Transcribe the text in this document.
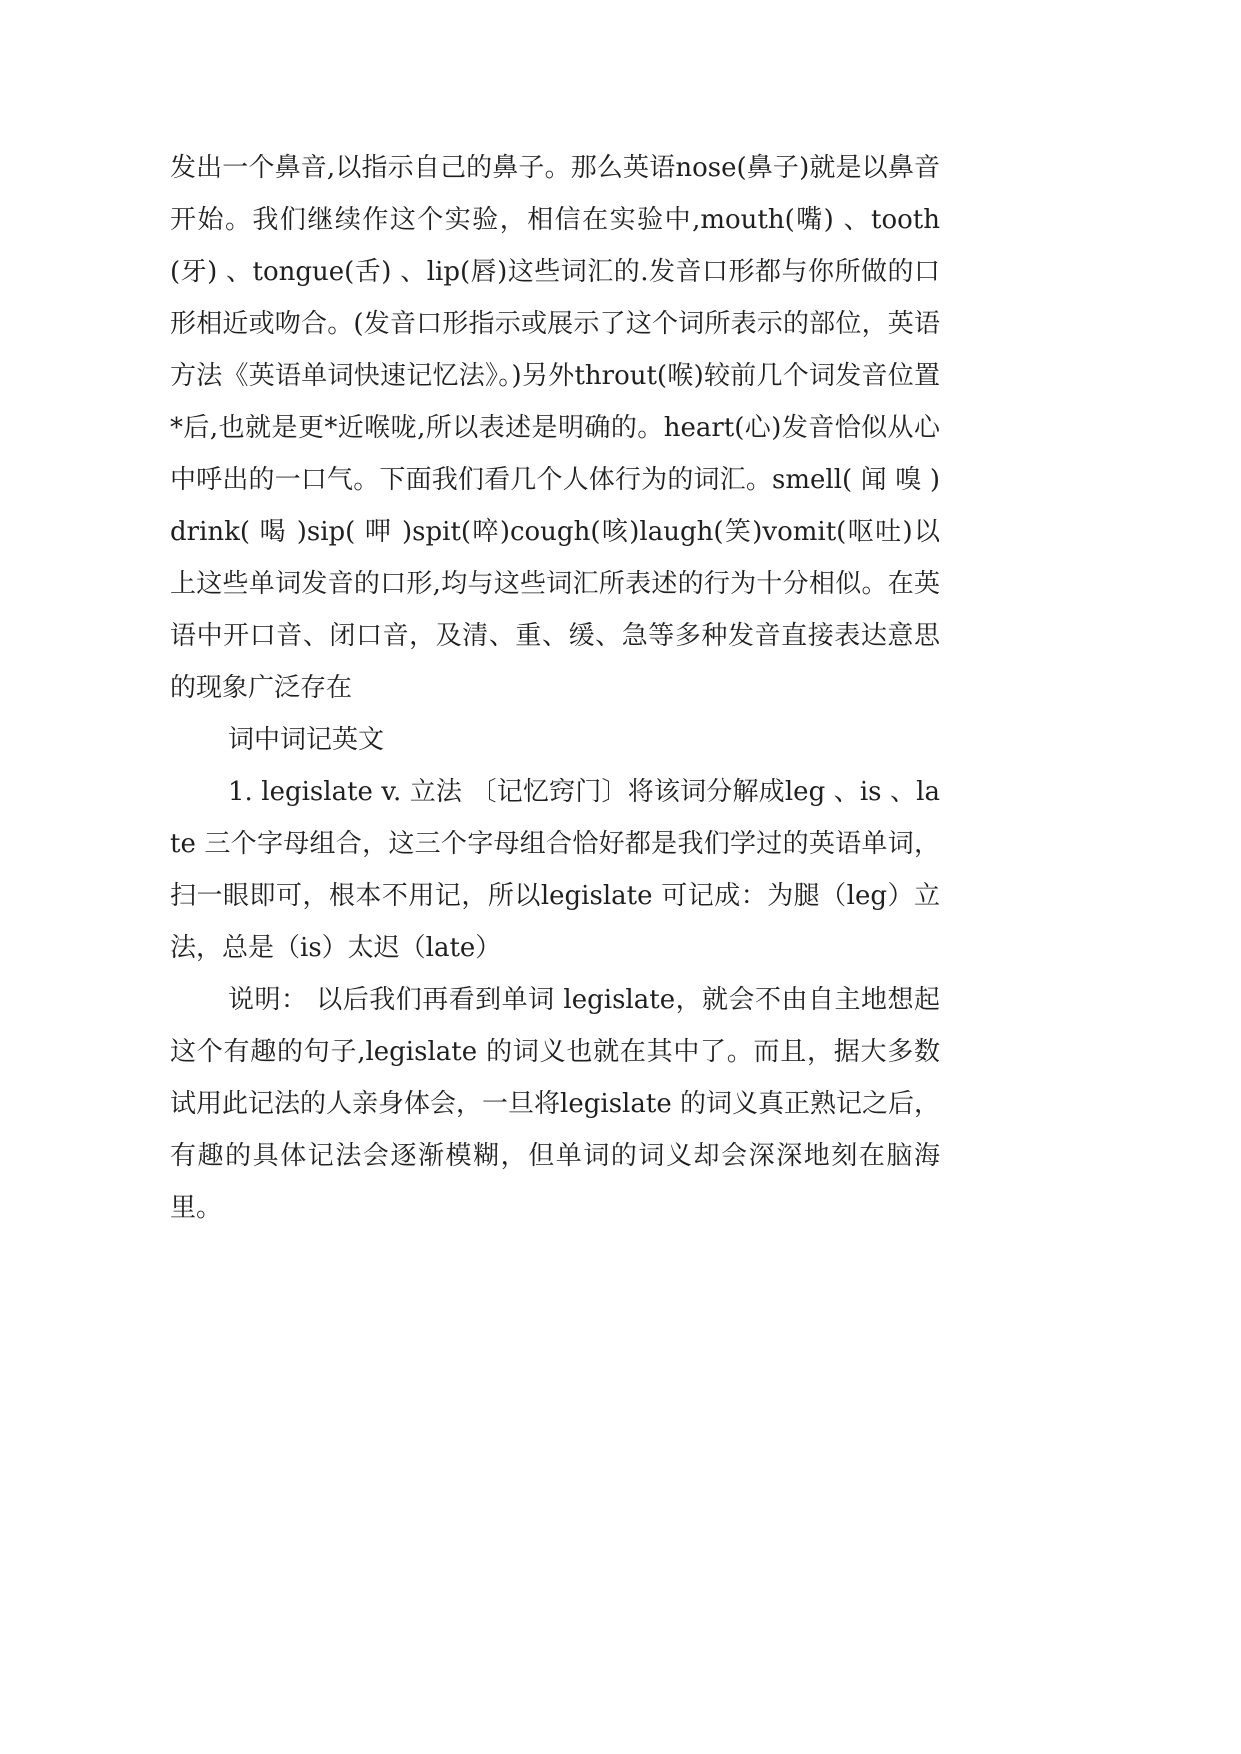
发出一个鼻音,以指示自己的鼻子。那么英语nose(鼻子)就是以鼻音开始。我们继续作这个实验，相信在实验中,mouth(嘴) 、tooth(牙) 、tongue(舌) 、lip(唇)这些词汇的.发音口形都与你所做的口形相近或吻合。(发音口形指示或展示了这个词所表示的部位，英语方法《英语单词快速记忆法》。)另外throut(喉)较前几个词发音位置*后,也就是更*近喉咙,所以表述是明确的。heart(心)发音恰似从心中呼出的一口气。下面我们看几个人体行为的词汇。smell( 闻 嗅 )drink( 喝 )sip( 呷 )spit(啐)cough(咳)laugh(笑)vomit(呕吐)以上这些单词发音的口形,均与这些词汇所表述的行为十分相似。在英语中开口音、闭口音，及清、重、缓、急等多种发音直接表达意思的现象广泛存在

词中词记英文

1. legislate v. 立法 〔记忆窍门〕将该词分解成leg 、is 、late 三个字母组合，这三个字母组合恰好都是我们学过的英语单词，扫一眼即可，根本不用记，所以legislate 可记成：为腿（leg）立法，总是（is）太迟（late）

说明： 以后我们再看到单词 legislate，就会不由自主地想起这个有趣的句子,legislate 的词义也就在其中了。而且，据大多数试用此记法的人亲身体会，一旦将legislate 的词义真正熟记之后，有趣的具体记法会逐渐模糊，但单词的词义却会深深地刻在脑海里。
